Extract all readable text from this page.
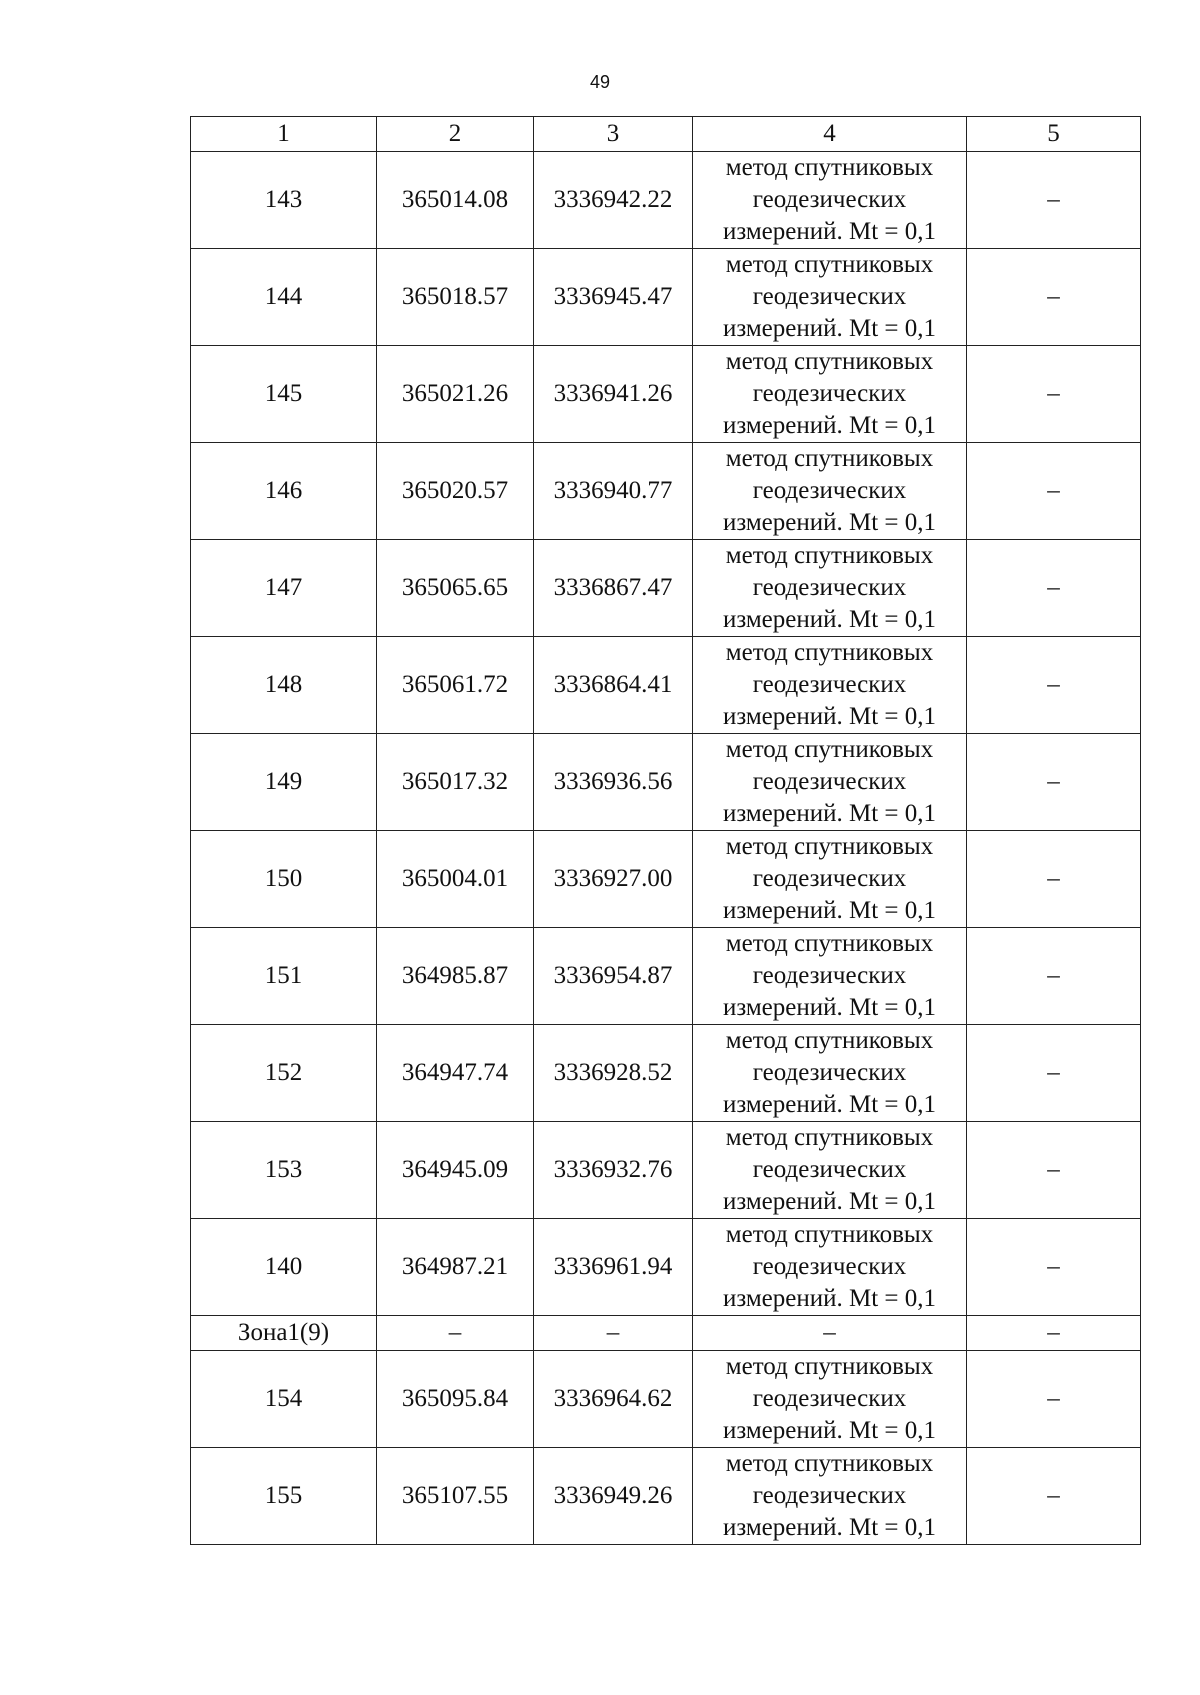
49
1	2	3	4	5
143	365014.08	3336942.22	метод спутниковых
геодезических
измерений. Mt = 0,1	–
144	365018.57	3336945.47	метод спутниковых
геодезических
измерений. Mt = 0,1	–
145	365021.26	3336941.26	метод спутниковых
геодезических
измерений. Mt = 0,1	–
146	365020.57	3336940.77	метод спутниковых
геодезических
измерений. Mt = 0,1	–
147	365065.65	3336867.47	метод спутниковых
геодезических
измерений. Mt = 0,1	–
148	365061.72	3336864.41	метод спутниковых
геодезических
измерений. Mt = 0,1	–
149	365017.32	3336936.56	метод спутниковых
геодезических
измерений. Mt = 0,1	–
150	365004.01	3336927.00	метод спутниковых
геодезических
измерений. Mt = 0,1	–
151	364985.87	3336954.87	метод спутниковых
геодезических
измерений. Mt = 0,1	–
152	364947.74	3336928.52	метод спутниковых
геодезических
измерений. Mt = 0,1	–
153	364945.09	3336932.76	метод спутниковых
геодезических
измерений. Mt = 0,1	–
140	364987.21	3336961.94	метод спутниковых
геодезических
измерений. Mt = 0,1	–
Зона1(9)	–	–	–	–
154	365095.84	3336964.62	метод спутниковых
геодезических
измерений. Mt = 0,1	–
155	365107.55	3336949.26	метод спутниковых
геодезических
измерений. Mt = 0,1	–
